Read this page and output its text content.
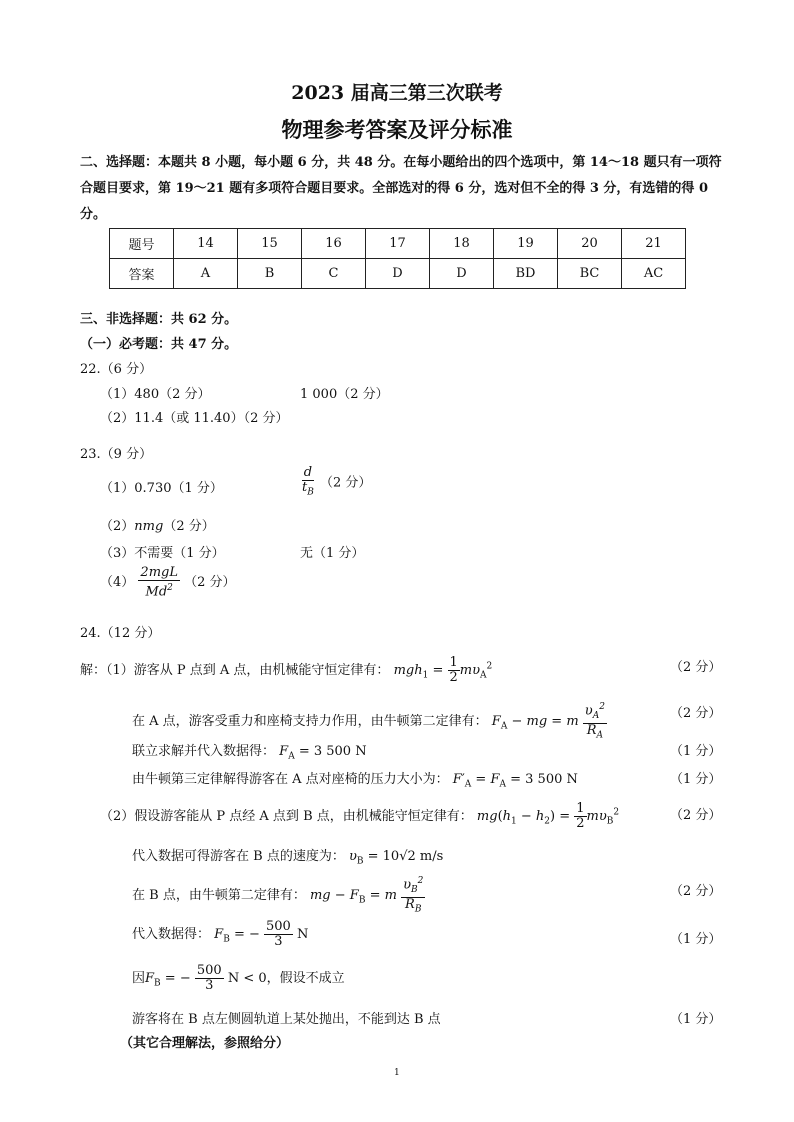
2023 届高三第三次联考
物理参考答案及评分标准
二、选择题：本题共 8 小题，每小题 6 分，共 48 分。在每小题给出的四个选项中，第 14～18 题只有一项符合题目要求，第 19～21 题有多项符合题目要求。全部选对的得 6 分，选对但不全的得 3 分，有选错的得 0 分。
题号	14	15	16	17	18	19	20	21
答案	A	B	C	D	D	BD	BC	AC
三、非选择题：共 62 分。
（一）必考题：共 47 分。
22.（6 分）
（1）480（2 分）	1 000（2 分）
（2）11.4（或 11.40）（2 分）
23.（9 分）
（1）0.730（1 分）	$\frac{d}{t_B} (2$ 分）
（2）nmg（2 分）
（3）不需要（1 分）	无（1 分）
$(4) \frac{\text{2mgL}}{Md^2} (2$ 分）
24.（12 分）
解：（1）游客从 P 点到 A 点，由机械能守恒定律有： $mgh_1 = \frac{1}{2} m\upsilon_A^2$	（2 分）
在 A 点，游客受重力和座椅支持力作用，由牛顿第二定律有： $F_A$ − mg = m $\frac{\upsilon_A^2}{R_A}$	（2 分）
联立求解并代入数据得： $F_A = 3$ 500 N	（1 分）
由牛顿第三定律解得游客在 A 点对座椅的压力大小为： $F'_A = F_A = 3$ 500 N	（1 分）
（2）假设游客能从 P 点经 A 点到 B 点，由机械能守恒定律有： $mg(h_1 - h_2) = \frac{1}{2} m\upsilon_B^2$	（2 分）
代入数据可得游客在 B 点的速度为： $\upsilon_B = 10√2$ m/s
在 B 点，由牛顿第二定律有： mg − $F_B = m \frac{\upsilon_B^2}{R_B}$	（2 分）
代入数据得： $F_B$ = − $\frac{500}{3}$ N	（1 分）
因$F_B$ = − $\frac{500}{3}$ N < 0，假设不成立
游客将在 B 点左侧圆轨道上某处抛出，不能到达 B 点	（1 分）
（其它合理解法，参照给分）
1
